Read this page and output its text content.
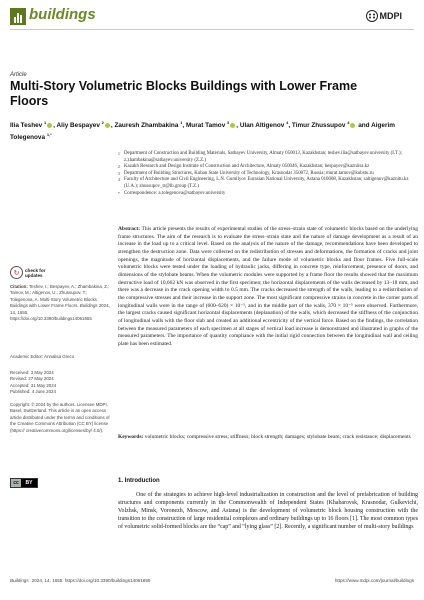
buildings	MDPI
Article
Multi-Story Volumetric Blocks Buildings with Lower Frame Floors
Ilia Teshev $^1$ , Aliy Bespayev $^2$ , Zauresh Zhambakina $^1$, Murat Tamov $^3$ , Ulan Altigenov $^4$, Timur Zhussupov $^4$ and Aigerim Tolegenova $^{1,*}$
1 Department of Construction and Building Materials, Satbayev University, Almaty 050013, Kazakhstan; teshev.ilia@satbayev.university (I.T.); z.zhambakina@satbayev.university (Z.Z.)
2 Kazakh Research and Design Institute of Construction and Architecture, Almaty 050046, Kazakhstan; bespayev@kazniisa.kz
3 Department of Building Structures, Kuban State University of Technology, Krasnodar 350072, Russia; murat.tamov@kubstu.ru
4 Faculty of Architecture and Civil Engineering, L.N. Gumilyov Eurasian National University, Astana 010008, Kazakhstan; saltigenov@kaznitu.kz (U.A.); zhussupov_tr@lb.group (T.Z.)
* Correspondence: a.tolegenova@satbayev.university
Abstract: This article presents the results of experimental studies of the stress–strain state of volumetric blocks based on the underlying frame structures. The aim of the research is to evaluate the stress–strain state and the nature of damage development as a result of an increase in the load up to a critical level. Based on the analysis of the nature of the damage, recommendations have been developed to strengthen the destruction zone. Data were collected on the redistribution of stresses and deformations, the formation of cracks and joint openings, the magnitude of horizontal displacements, and the failure mode of volumetric blocks and floor frames. Five full-scale volumetric blocks were tested under the loading of hydraulic jacks, differing in concrete type, reinforcement, presence of doors, and dimensions of the stylobate beams. When the volumetric modules were supported by a frame floor the results showed that the maximum destructive load of 10,662 kN was observed in the first specimen; the horizontal displacements of the walls decreased by 13–18 mm, and there was a decrease in the crack opening width to 0.5 mm. The cracks decreased the strength of the walls, leading to a redistribution of the compressive stresses and their increase in the support zone. The most significant compressive strains in concrete in the corner parts of longitudinal walls were in the range of (600–620) × 10⁻⁵, and in the middle part of the walls, 370 × 10⁻⁵ were observed. Furthermore, the largest cracks caused significant horizontal displacements (deplanation) of the walls, which decreased the stiffness of the conjunction of longitudinal walls with the floor slab and created an additional eccentricity of the vertical force. Based on the findings, the correlation between the measured parameters of each specimen at all stages of vertical load increase is demonstrated and illustrated in graphs of the measured parameters. The importance of quantity compliance with the initial rigid connection between the longitudinal wall and ceiling plate has been estimated.
Keywords: volumetric blocks; compressive stress; stiffness; block strength; damages; stylobate beam; crack resistance; displacements
↻	check for
updates
Citation: Teshev, I.; Bespayev, A.; Zhambakina, Z.; Tamov, M.; Altigenov, U.; Zhussupov, T.; Tolegenova, A. Multi-Story Volumetric Blocks Buildings with Lower Frame Floors. Buildings 2024, 14, 1655. https://doi.org/10.3390/buildings14061655
Academic Editor: Annalisa Greco
Received: 3 May 2024
Revised: 27 May 2024
Accepted: 31 May 2024
Published: 4 June 2024
Copyright: © 2024 by the authors. Licensee MDPI, Basel, Switzerland. This article is an open access article distributed under the terms and conditions of the Creative Commons Attribution (CC BY) license (https:// creativecommons.org/licenses/by/ 4.0/).
cc	BY	1. Introduction
One of the strategies to achieve high-level industrialization in construction and the level of prefabrication of building structures and components currently in the Commonwealth of Independent States (Khabarovsk, Krasnodar, Gulkevichi, Volzhsk, Minsk, Voronezh, Moscow, and Astana) is the development of volumetric block housing construction with the transition to the construction of large residential complexes and ordinary buildings up to 16 floors [1]. The most common types of volumetric solid-formed blocks are the “cap” and “lying glass” [2]. Recently, a significant number of multi-story buildings
Buildings 2024, 14, 1655. https://doi.org/10.3390/buildings14061655	https://www.mdpi.com/journal/buildings
